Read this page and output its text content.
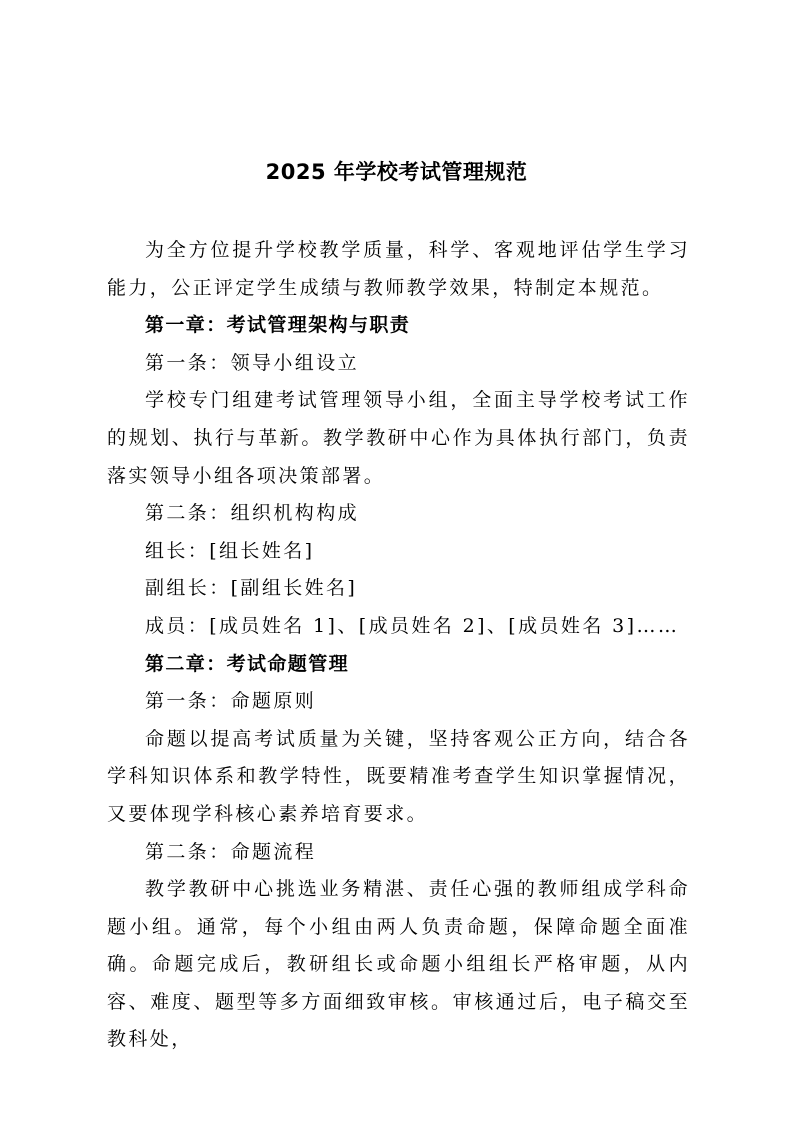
2025 年学校考试管理规范

为全方位提升学校教学质量，科学、客观地评估学生学习能力，公正评定学生成绩与教师教学效果，特制定本规范。

第一章：考试管理架构与职责

第一条：领导小组设立

学校专门组建考试管理领导小组，全面主导学校考试工作的规划、执行与革新。教学教研中心作为具体执行部门，负责落实领导小组各项决策部署。

第二条：组织机构构成

组长：[组长姓名]

副组长：[副组长姓名]

成员：[成员姓名 1]、[成员姓名 2]、[成员姓名 3]……

第二章：考试命题管理

第一条：命题原则

命题以提高考试质量为关键，坚持客观公正方向，结合各学科知识体系和教学特性，既要精准考查学生知识掌握情况，又要体现学科核心素养培育要求。

第二条：命题流程

教学教研中心挑选业务精湛、责任心强的教师组成学科命题小组。通常，每个小组由两人负责命题，保障命题全面准确。命题完成后，教研组长或命题小组组长严格审题，从内容、难度、题型等多方面细致审核。审核通过后，电子稿交至教科处，
